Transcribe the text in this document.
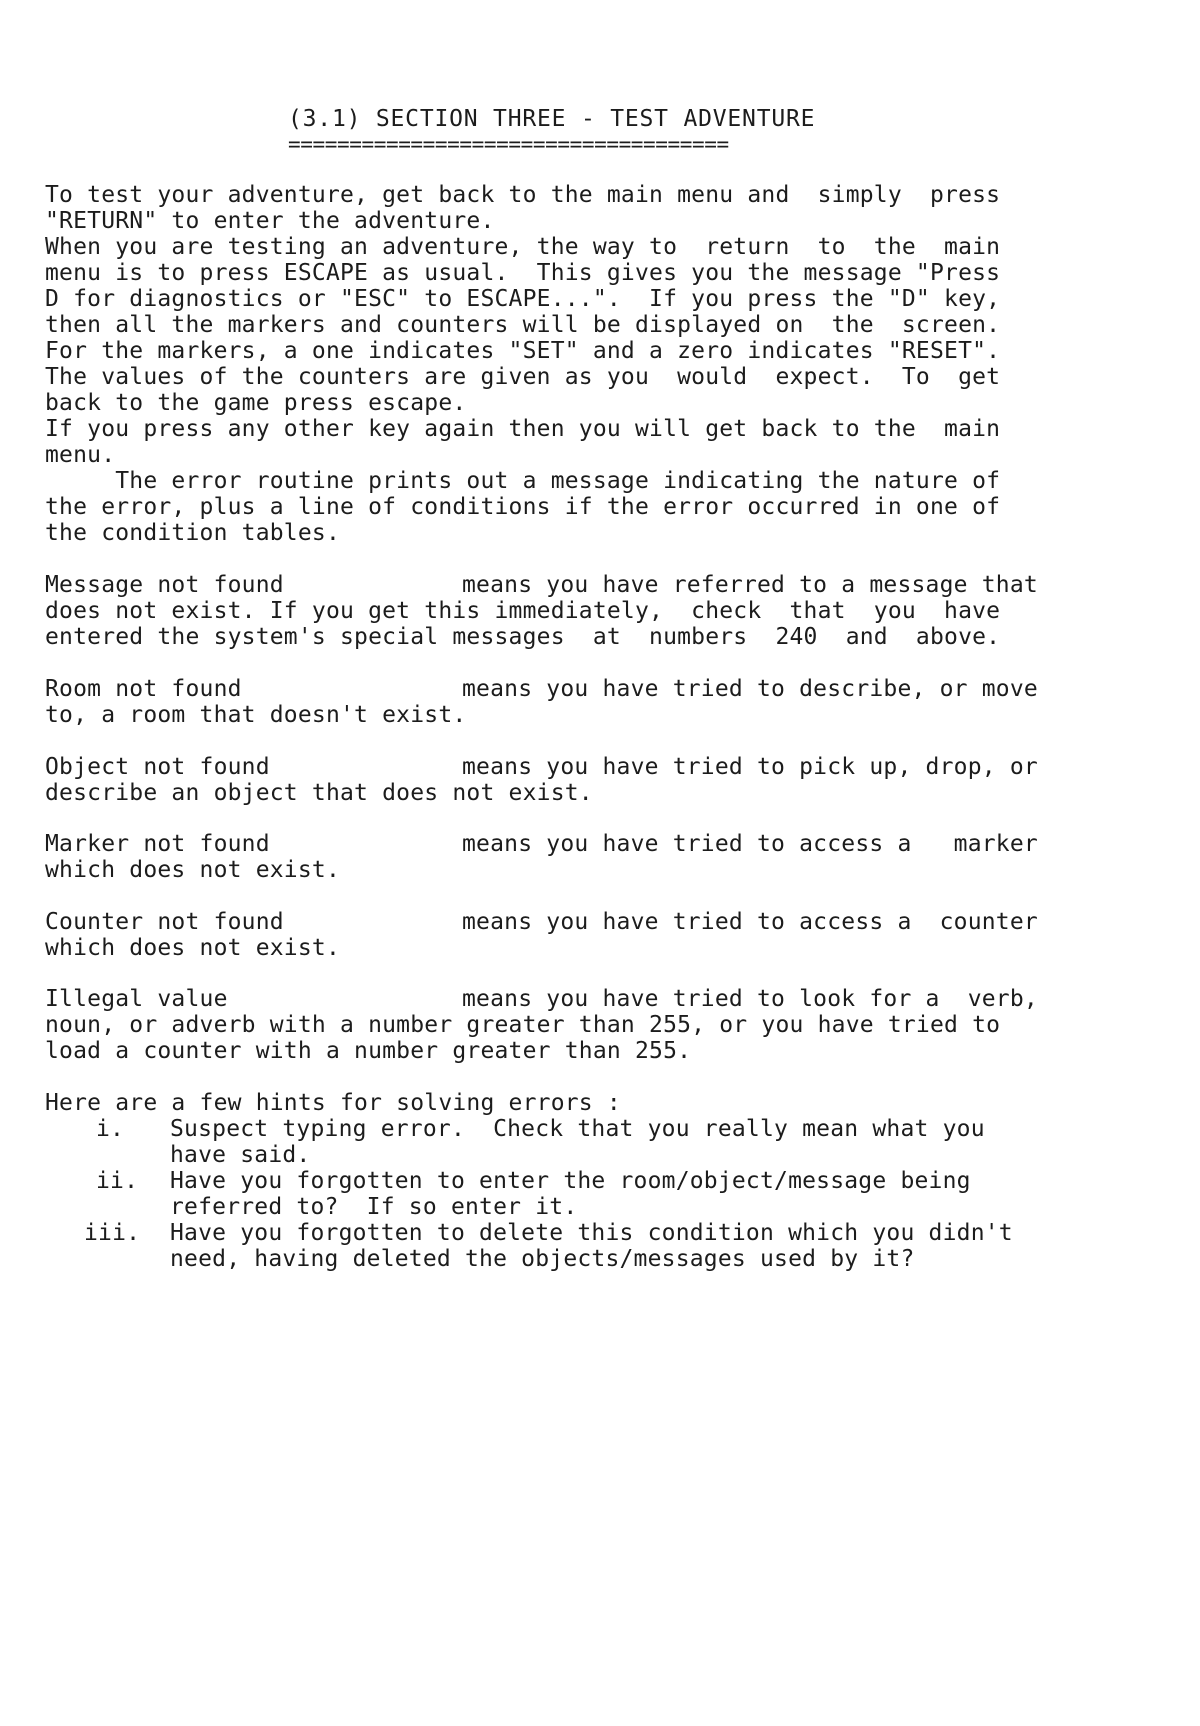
(3.1) SECTION THREE - TEST ADVENTURE
====================================
To test your adventure, get back to the main menu and  simply  press
"RETURN" to enter the adventure.
When you are testing an adventure, the way to  return  to  the  main
menu is to press ESCAPE as usual.  This gives you the message "Press
D for diagnostics or "ESC" to ESCAPE...".  If you press the "D" key,
then all the markers and counters will be displayed on  the  screen.
For the markers, a one indicates "SET" and a zero indicates "RESET".
The values of the counters are given as you  would  expect.  To  get
back to the game press escape.
If you press any other key again then you will get back to the  main
menu.
The error routine prints out a message indicating the nature of
the error, plus a line of conditions if the error occurred in one of
the condition tables.
Message not found	means you have referred to a message that
does not exist. If you get this immediately,  check  that  you  have
entered the system's special messages  at  numbers  240  and  above.
Room not found	means you have tried to describe, or move
to, a room that doesn't exist.
Object not found	means you have tried to pick up, drop, or
describe an object that does not exist.
Marker not found	means you have tried to access a   marker
which does not exist.
Counter not found	means you have tried to access a  counter
which does not exist.
Illegal value	means you have tried to look for a  verb,
noun, or adverb with a number greater than 255, or you have tried to
load a counter with a number greater than 255.
Here are a few hints for solving errors :
i. Suspect typing error.  Check that you really mean what you
have said.
ii. Have you forgotten to enter the room/object/message being
referred to?  If so enter it.
iii. Have you forgotten to delete this condition which you didn't
need, having deleted the objects/messages used by it?
